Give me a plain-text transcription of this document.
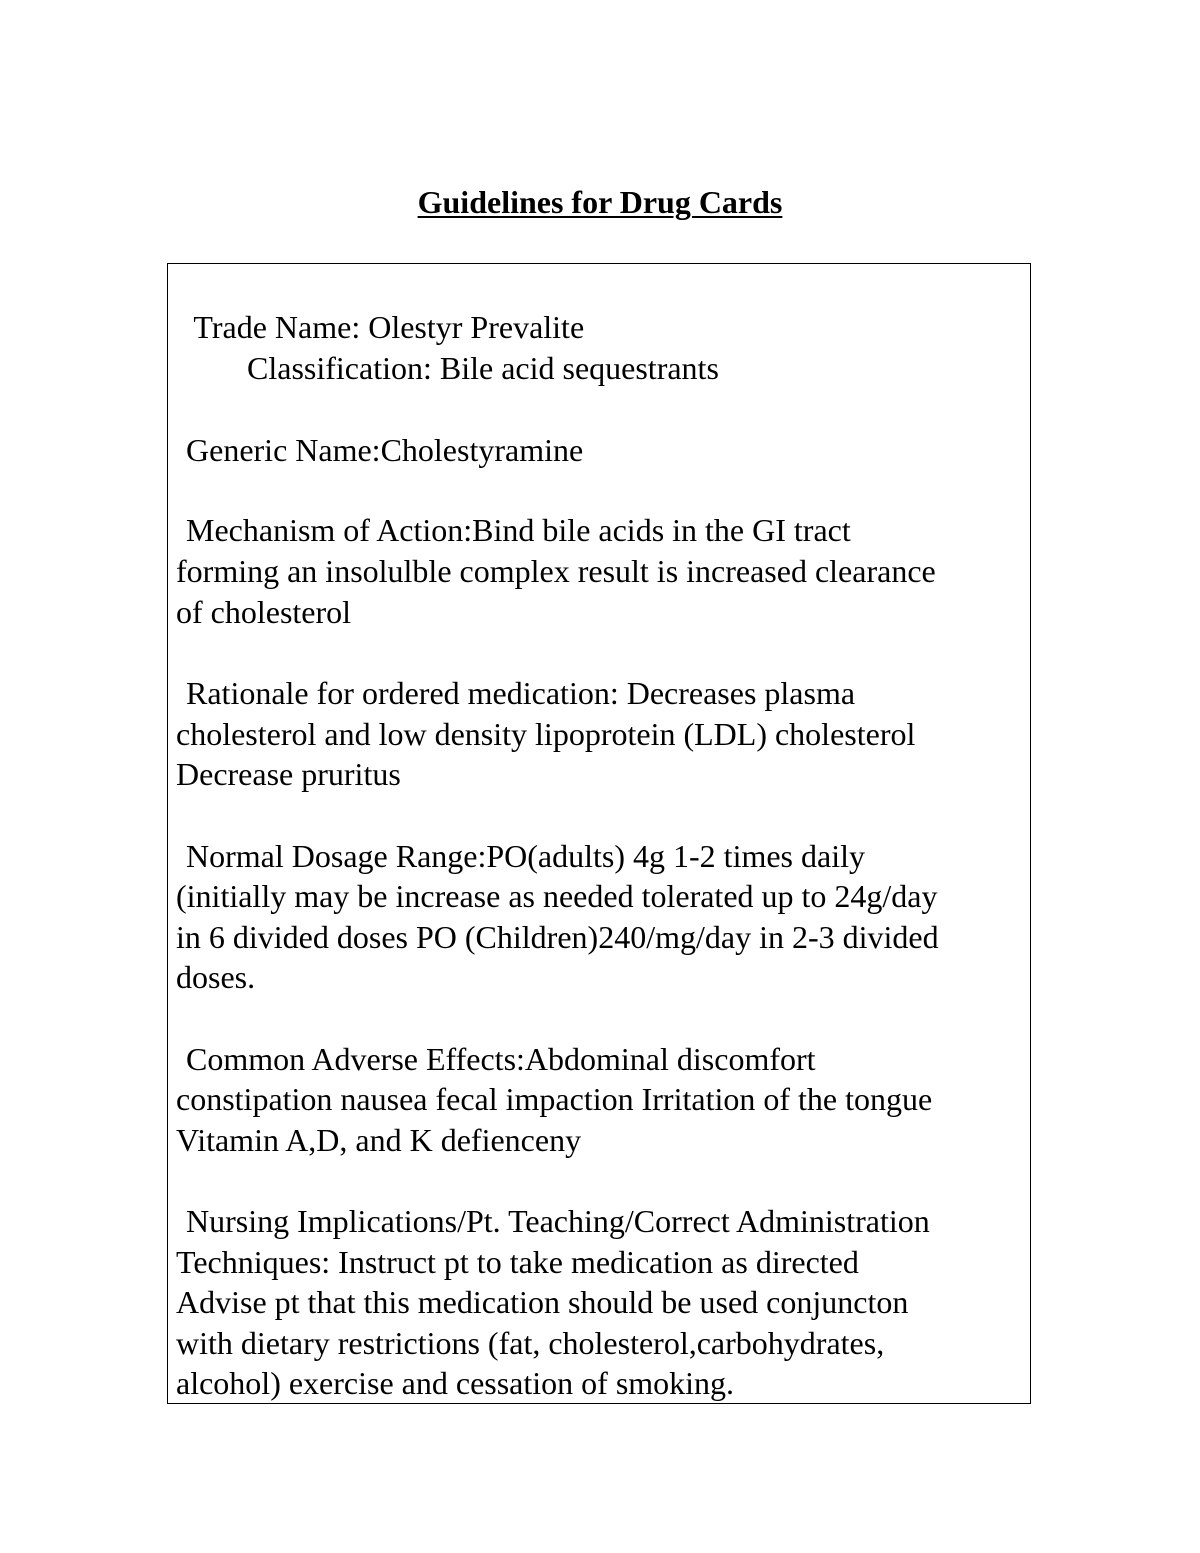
Guidelines for Drug Cards
Trade Name: Olestyr Prevalite
Classification: Bile acid sequestrants
Generic Name:Cholestyramine
Mechanism of Action:Bind bile acids in the GI tract
forming an insolulble complex result is increased clearance
of cholesterol
Rationale for ordered medication: Decreases plasma
cholesterol and low density lipoprotein (LDL) cholesterol
Decrease pruritus
Normal Dosage Range:PO(adults) 4g 1-2 times daily
(initially may be increase as needed tolerated up to 24g/day
in 6 divided doses PO (Children)240/mg/day in 2-3 divided
doses.
Common Adverse Effects:Abdominal discomfort
constipation nausea fecal impaction Irritation of the tongue
Vitamin A,D, and K defienceny
Nursing Implications/Pt. Teaching/Correct Administration
Techniques: Instruct pt to take medication as directed
Advise pt that this medication should be used conjuncton
with dietary restrictions (fat, cholesterol,carbohydrates,
alcohol) exercise and cessation of smoking.
